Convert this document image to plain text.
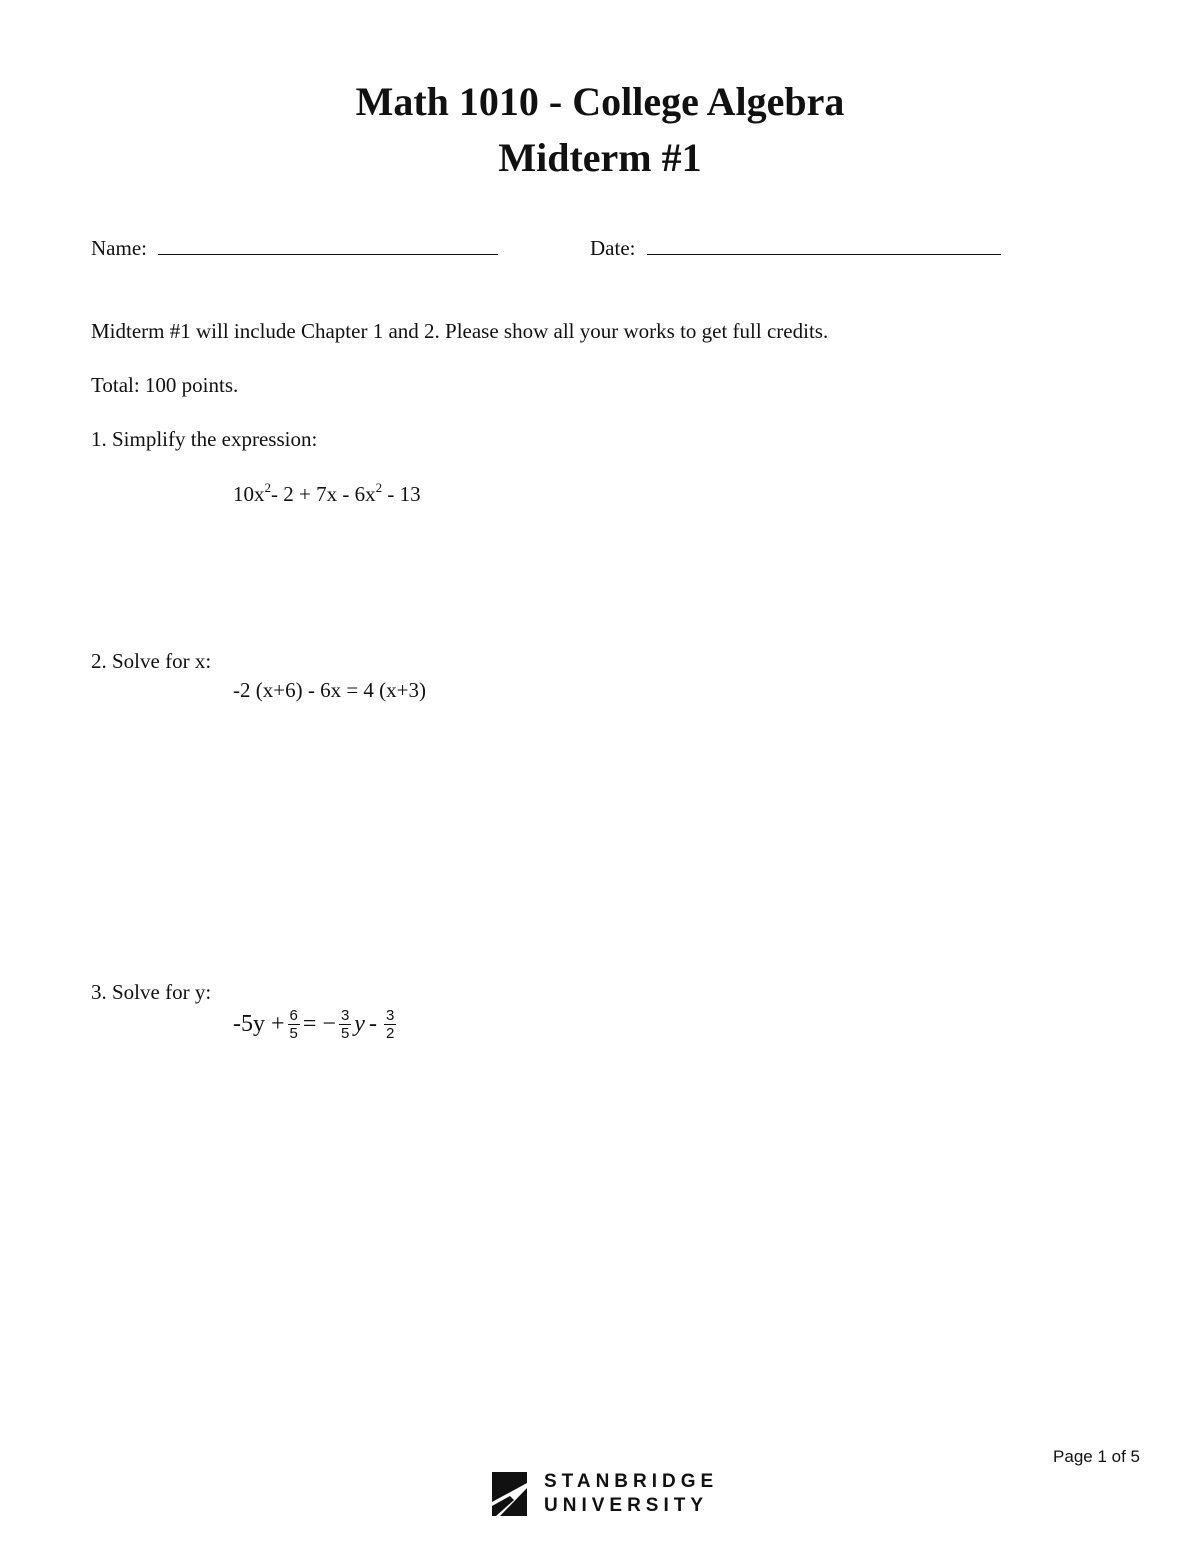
Math 1010 - College Algebra
Midterm #1
Name:	Date:
Midterm #1 will include Chapter 1 and 2. Please show all your works to get full credits.
Total: 100 points.
1. Simplify the expression:
$10x^2-$ $2 + 7x - 6x^2 - 13$
2. Solve for x:
-2 (x+6) - 6x = 4 (x+3)
3. Solve for y:
$-5y + \frac{6}{5}$ = − $\frac{3}{5}$ y - $\frac{3}{2}$
Page 1 of 5
STANBRIDGE
UNIVERSITY
